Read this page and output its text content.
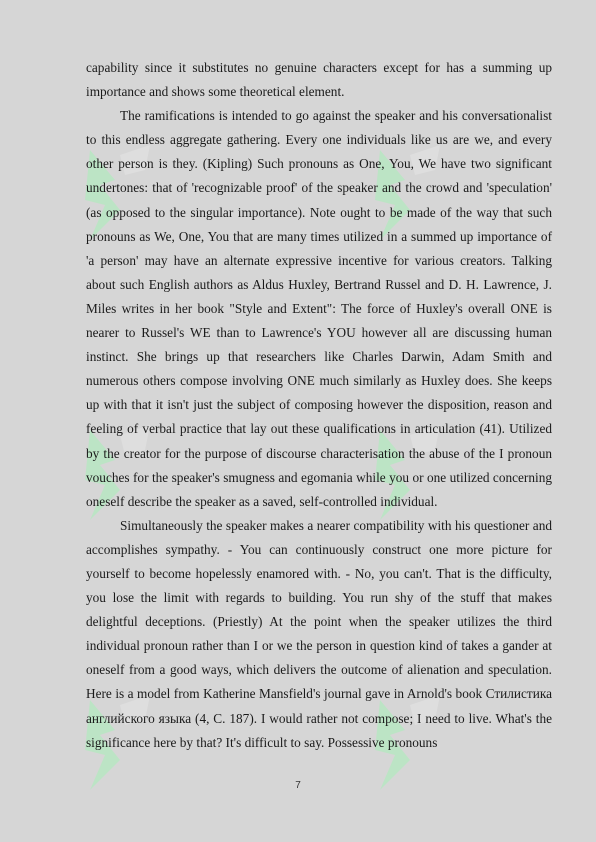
capability since it substitutes no genuine characters except for has a summing up importance and shows some theoretical element.

The ramifications is intended to go against the speaker and his conversationalist to this endless aggregate gathering. Every one individuals like us are we, and every other person is they. (Kipling) Such pronouns as One, You, We have two significant undertones: that of 'recognizable proof' of the speaker and the crowd and 'speculation' (as opposed to the singular importance). Note ought to be made of the way that such pronouns as We, One, You that are many times utilized in a summed up importance of 'a person' may have an alternate expressive incentive for various creators. Talking about such English authors as Aldus Huxley, Bertrand Russel and D. H. Lawrence, J. Miles writes in her book "Style and Extent": The force of Huxley's overall ONE is nearer to Russel's WE than to Lawrence's YOU however all are discussing human instinct. She brings up that researchers like Charles Darwin, Adam Smith and numerous others compose involving ONE much similarly as Huxley does. She keeps up with that it isn't just the subject of composing however the disposition, reason and feeling of verbal practice that lay out these qualifications in articulation (41). Utilized by the creator for the purpose of discourse characterisation the abuse of the I pronoun vouches for the speaker's smugness and egomania while you or one utilized concerning oneself describe the speaker as a saved, self-controlled individual.

Simultaneously the speaker makes a nearer compatibility with his questioner and accomplishes sympathy. - You can continuously construct one more picture for yourself to become hopelessly enamored with. - No, you can't. That is the difficulty, you lose the limit with regards to building. You run shy of the stuff that makes delightful deceptions. (Priestly) At the point when the speaker utilizes the third individual pronoun rather than I or we the person in question kind of takes a gander at oneself from a good ways, which delivers the outcome of alienation and speculation. Here is a model from Katherine Mansfield's journal gave in Arnold's book Стилистика английского языка (4, С. 187). I would rather not compose; I need to live. What's the significance here by that? It's difficult to say. Possessive pronouns

7
